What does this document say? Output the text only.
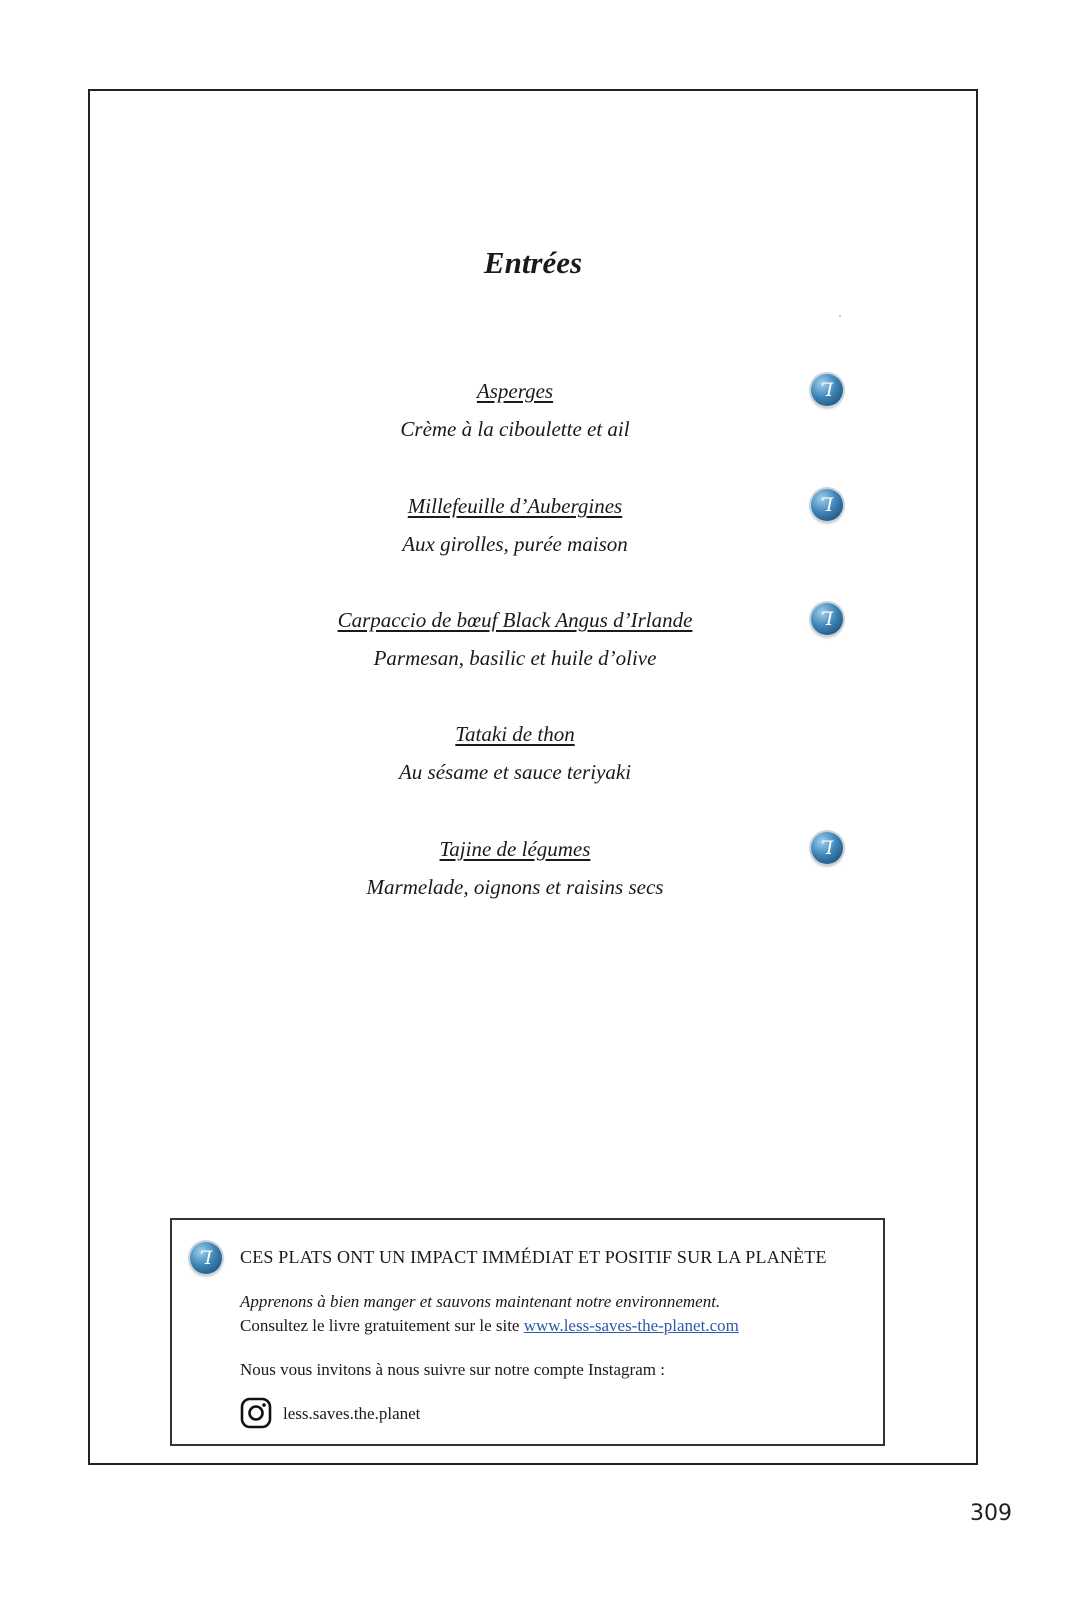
Entrées
Asperges
Crème à la ciboulette et ail
Ꞁ
Millefeuille d’Aubergines
Aux girolles, purée maison
Ꞁ
Carpaccio de bœuf Black Angus d’Irlande
Parmesan, basilic et huile d’olive
Ꞁ
Tataki de thon
Au sésame et sauce teriyaki
Tajine de légumes
Marmelade, oignons et raisins secs
Ꞁ
Ꞁ	CES PLATS ONT UN IMPACT IMMÉDIAT ET POSITIF SUR LA PLANÈTE
Apprenons à bien manger et sauvons maintenant notre environnement.
Consultez le livre gratuitement sur le site www.less-saves-the-planet.com
Nous vous invitons à nous suivre sur notre compte Instagram :
less.saves.the.planet
309
